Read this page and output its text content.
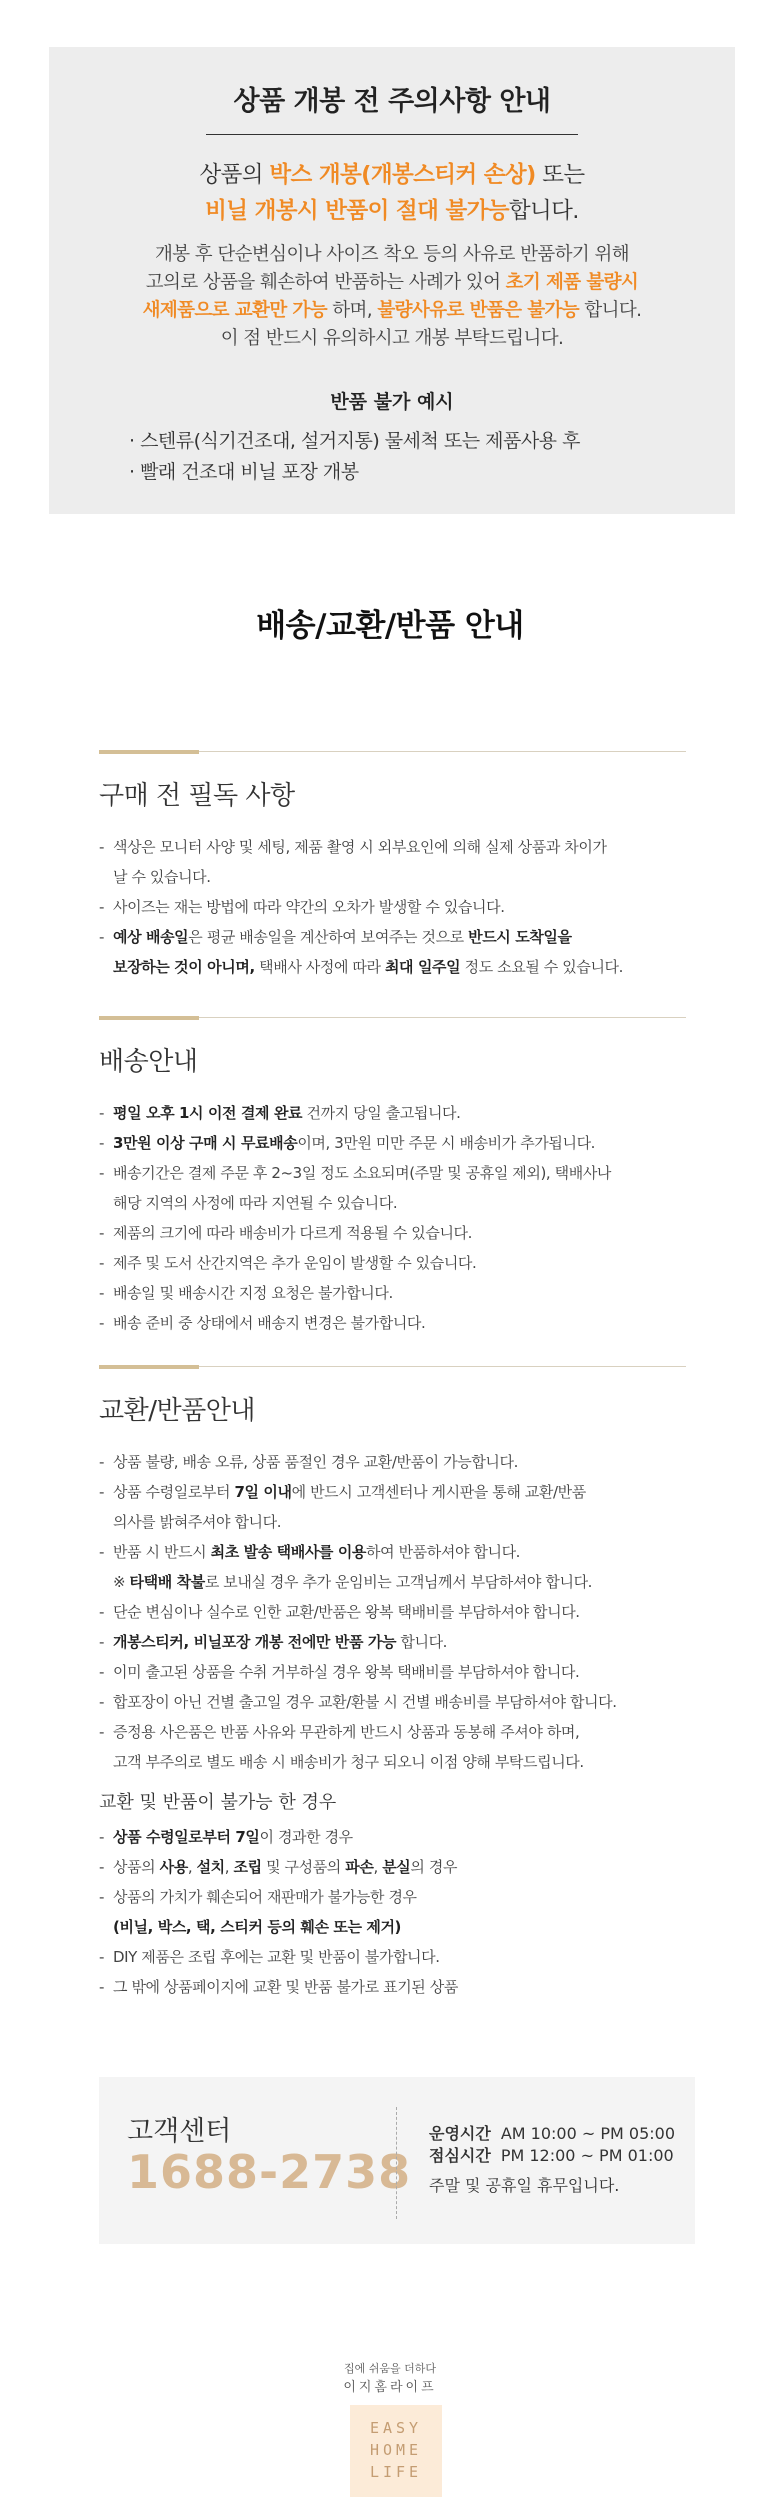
상품 개봉 전 주의사항 안내
상품의 박스 개봉(개봉스티커 손상) 또는
비닐 개봉시 반품이 절대 불가능합니다.
개봉 후 단순변심이나 사이즈 착오 등의 사유로 반품하기 위해
고의로 상품을 훼손하여 반품하는 사례가 있어 초기 제품 불량시
새제품으로 교환만 가능 하며, 불량사유로 반품은 불가능 합니다.
이 점 반드시 유의하시고 개봉 부탁드립니다.
반품 불가 예시
· 스텐류(식기건조대, 설거지통) 물세척 또는 제품사용 후
· 빨래 건조대 비닐 포장 개봉
배송/교환/반품 안내
구매 전 필독 사항
- 색상은 모니터 사양 및 세팅, 제품 촬영 시 외부요인에 의해 실제 상품과 차이가
날 수 있습니다.
- 사이즈는 재는 방법에 따라 약간의 오차가 발생할 수 있습니다.
- 예상 배송일은 평균 배송일을 계산하여 보여주는 것으로 반드시 도착일을
보장하는 것이 아니며, 택배사 사정에 따라 최대 일주일 정도 소요될 수 있습니다.
배송안내
- 평일 오후 1시 이전 결제 완료 건까지 당일 출고됩니다.
- 3만원 이상 구매 시 무료배송이며, 3만원 미만 주문 시 배송비가 추가됩니다.
- 배송기간은 결제 주문 후 2~3일 정도 소요되며(주말 및 공휴일 제외), 택배사나
해당 지역의 사정에 따라 지연될 수 있습니다.
- 제품의 크기에 따라 배송비가 다르게 적용될 수 있습니다.
- 제주 및 도서 산간지역은 추가 운임이 발생할 수 있습니다.
- 배송일 및 배송시간 지정 요청은 불가합니다.
- 배송 준비 중 상태에서 배송지 변경은 불가합니다.
교환/반품안내
- 상품 불량, 배송 오류, 상품 품절인 경우 교환/반품이 가능합니다.
- 상품 수령일로부터 7일 이내에 반드시 고객센터나 게시판을 통해 교환/반품
의사를 밝혀주셔야 합니다.
- 반품 시 반드시 최초 발송 택배사를 이용하여 반품하셔야 합니다.
※ 타택배 착불로 보내실 경우 추가 운임비는 고객님께서 부담하셔야 합니다.
- 단순 변심이나 실수로 인한 교환/반품은 왕복 택배비를 부담하셔야 합니다.
- 개봉스티커, 비닐포장 개봉 전에만 반품 가능 합니다.
- 이미 출고된 상품을 수취 거부하실 경우 왕복 택배비를 부담하셔야 합니다.
- 합포장이 아닌 건별 출고일 경우 교환/환불 시 건별 배송비를 부담하셔야 합니다.
- 증정용 사은품은 반품 사유와 무관하게 반드시 상품과 동봉해 주셔야 하며,
고객 부주의로 별도 배송 시 배송비가 청구 되오니 이점 양해 부탁드립니다.
교환 및 반품이 불가능 한 경우
- 상품 수령일로부터 7일이 경과한 경우
- 상품의 사용, 설치, 조립 및 구성품의 파손, 분실의 경우
- 상품의 가치가 훼손되어 재판매가 불가능한 경우
(비닐, 박스, 택, 스티커 등의 훼손 또는 제거)
- DIY 제품은 조립 후에는 교환 및 반품이 불가합니다.
- 그 밖에 상품페이지에 교환 및 반품 불가로 표기된 상품
고객센터
1688-2738
운영시간 AM 10:00 ~ PM 05:00
점심시간 PM 12:00 ~ PM 01:00
주말 및 공휴일 휴무입니다.
집에 쉬움을 더하다
이지홈라이프
EASY
HOME
LIFE
